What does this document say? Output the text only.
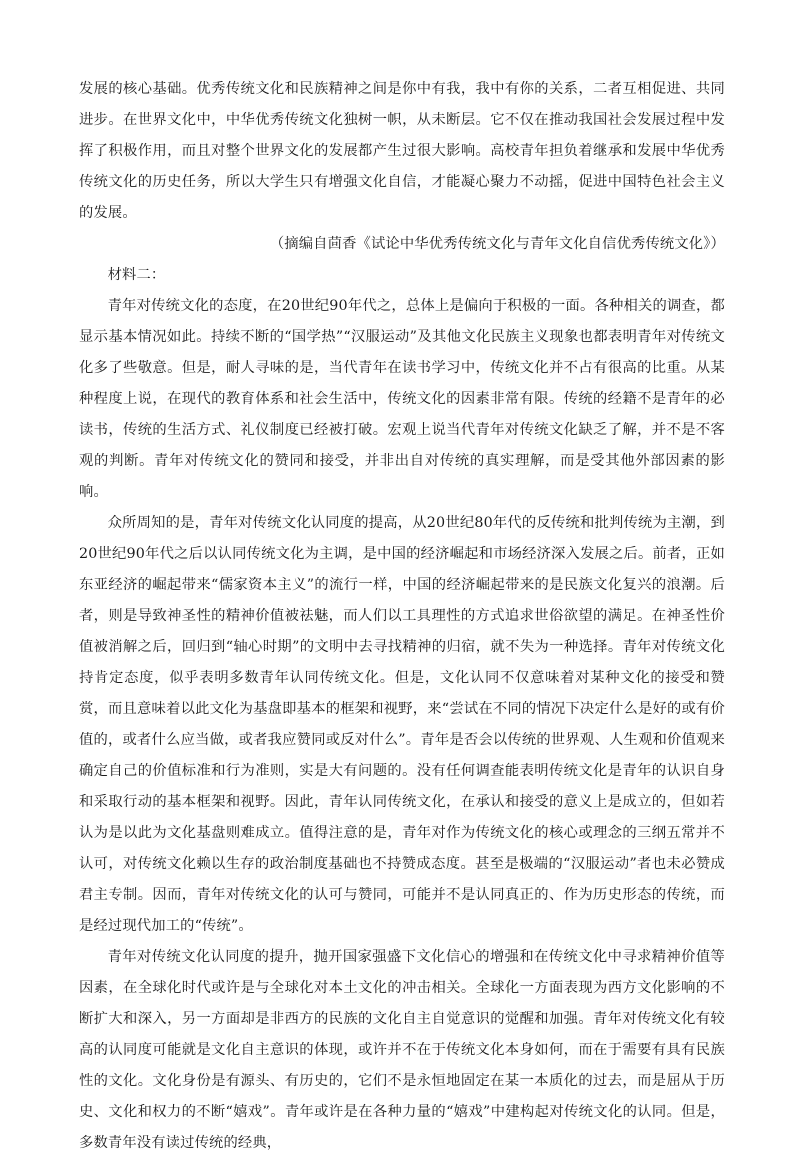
发展的核心基础。优秀传统文化和民族精神之间是你中有我，我中有你的关系，二者互相促进、共同进步。在世界文化中，中华优秀传统文化独树一帜，从未断层。它不仅在推动我国社会发展过程中发挥了积极作用，而且对整个世界文化的发展都产生过很大影响。高校青年担负着继承和发展中华优秀传统文化的历史任务，所以大学生只有增强文化自信，才能凝心聚力不动摇，促进中国特色社会主义的发展。

（摘编自茴香《试论中华优秀传统文化与青年文化自信优秀传统文化》）

材料二：

青年对传统文化的态度，在20世纪90年代之，总体上是偏向于积极的一面。各种相关的调查，都显示基本情况如此。持续不断的“国学热”“汉服运动”及其他文化民族主义现象也都表明青年对传统文化多了些敬意。但是，耐人寻味的是，当代青年在读书学习中，传统文化并不占有很高的比重。从某种程度上说，在现代的教育体系和社会生活中，传统文化的因素非常有限。传统的经籍不是青年的必读书，传统的生活方式、礼仪制度已经被打破。宏观上说当代青年对传统文化缺乏了解，并不是不客观的判断。青年对传统文化的赞同和接受，并非出自对传统的真实理解，而是受其他外部因素的影响。

众所周知的是，青年对传统文化认同度的提高，从20世纪80年代的反传统和批判传统为主潮，到20世纪90年代之后以认同传统文化为主调，是中国的经济崛起和市场经济深入发展之后。前者，正如东亚经济的崛起带来“儒家资本主义”的流行一样，中国的经济崛起带来的是民族文化复兴的浪潮。后者，则是导致神圣性的精神价值被祛魅，而人们以工具理性的方式追求世俗欲望的满足。在神圣性价值被消解之后，回归到“轴心时期”的文明中去寻找精神的归宿，就不失为一种选择。青年对传统文化持肯定态度，似乎表明多数青年认同传统文化。但是，文化认同不仅意味着对某种文化的接受和赞赏，而且意味着以此文化为基盘即基本的框架和视野，来“尝试在不同的情况下决定什么是好的或有价值的，或者什么应当做，或者我应赞同或反对什么”。青年是否会以传统的世界观、人生观和价值观来确定自己的价值标准和行为准则，实是大有问题的。没有任何调查能表明传统文化是青年的认识自身和采取行动的基本框架和视野。因此，青年认同传统文化，在承认和接受的意义上是成立的，但如若认为是以此为文化基盘则难成立。值得注意的是，青年对作为传统文化的核心或理念的三纲五常并不认可，对传统文化赖以生存的政治制度基础也不持赞成态度。甚至是极端的“汉服运动”者也未必赞成君主专制。因而，青年对传统文化的认可与赞同，可能并不是认同真正的、作为历史形态的传统，而是经过现代加工的“传统”。

青年对传统文化认同度的提升，抛开国家强盛下文化信心的增强和在传统文化中寻求精神价值等因素，在全球化时代或许是与全球化对本土文化的冲击相关。全球化一方面表现为西方文化影响的不断扩大和深入，另一方面却是非西方的民族的文化自主自觉意识的觉醒和加强。青年对传统文化有较高的认同度可能就是文化自主意识的体现，或许并不在于传统文化本身如何，而在于需要有具有民族性的文化。文化身份是有源头、有历史的，它们不是永恒地固定在某一本质化的过去，而是屈从于历史、文化和权力的不断“嬉戏”。青年或许是在各种力量的“嬉戏”中建构起对传统文化的认同。但是，多数青年没有读过传统的经典，
